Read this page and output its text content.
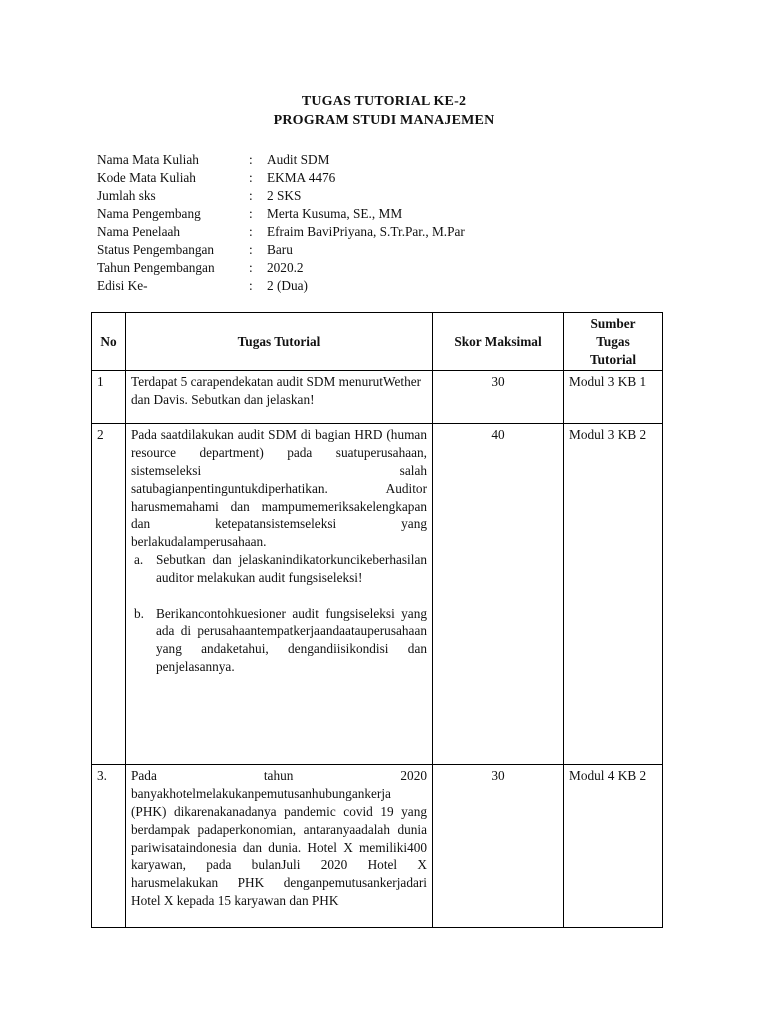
TUGAS TUTORIAL KE-2
PROGRAM STUDI MANAJEMEN
Nama Mata Kuliah	: Audit SDM
Kode Mata Kuliah	: EKMA 4476
Jumlah sks	: 2 SKS
Nama Pengembang	: Merta Kusuma, SE., MM
Nama Penelaah	: Efraim BaviPriyana, S.Tr.Par., M.Par
Status Pengembangan	: Baru
Tahun Pengembangan	: 2020.2
Edisi Ke-	: 2 (Dua)
No	Tugas Tutorial	Skor Maksimal	Sumber Tugas Tutorial
1	Terdapat 5 carapendekatan audit SDM menurutWether dan Davis. Sebutkan dan jelaskan!	30	Modul 3 KB 1
2	Pada saatdilakukan audit SDM di bagian HRD (human resource department) pada suatuperusahaan, sistemseleksi salah satubagianpentinguntukdiperhatikan. Auditor harusmemahami dan mampumemeriksakelengkapan dan ketepatansistemseleksi yang berlakudalamperusahaan.
a. Sebutkan dan jelaskanindikatorkuncikeberhasilan auditor melakukan audit fungsiseleksi!
b. Berikancontohkuesioner audit fungsiseleksi yang ada di perusahaantempatkerjaandaatauperusahaan yang andaketahui, dengandiisikondisi dan penjelasannya.	40	Modul 3 KB 2
3.	Pada tahun 2020 banyakhotelmelakukanpemutusanhubungankerja (PHK) dikarenakanadanya pandemic covid 19 yang berdampak padaperkonomian, antaranyaadalah dunia pariwisataindonesia dan dunia. Hotel X memiliki400 karyawan, pada bulanJuli 2020 Hotel X harusmelakukan PHK denganpemutusankerjadari Hotel X kepada 15 karyawan dan PHK	30	Modul 4 KB 2
